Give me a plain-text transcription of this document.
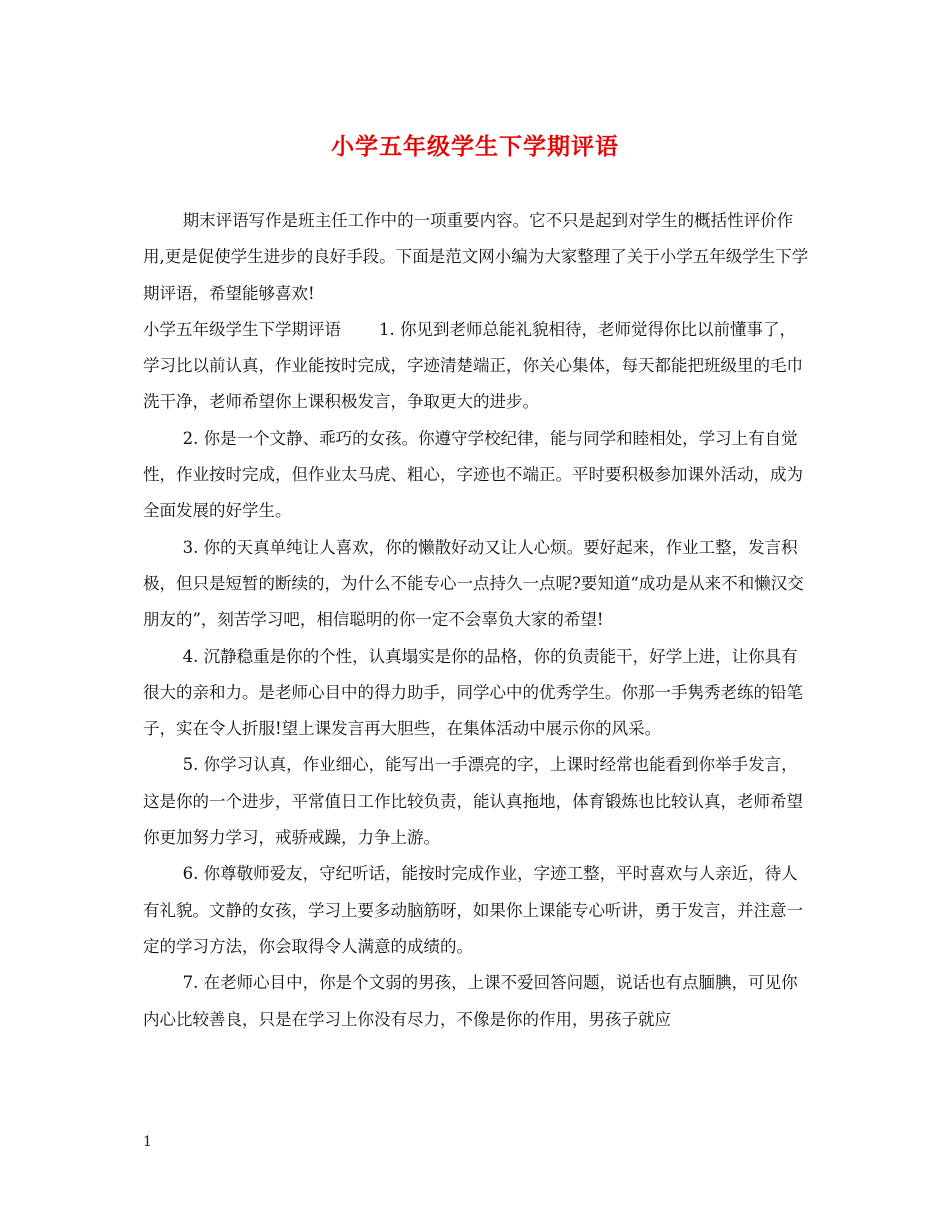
小学五年级学生下学期评语

期末评语写作是班主任工作中的一项重要内容。它不只是起到对学生的概括性评价作用,更是促使学生进步的良好手段。下面是范文网小编为大家整理了关于小学五年级学生下学期评语，希望能够喜欢!

小学五年级学生下学期评语 1. 你见到老师总能礼貌相待，老师觉得你比以前懂事了，学习比以前认真，作业能按时完成，字迹清楚端正，你关心集体，每天都能把班级里的毛巾洗干净，老师希望你上课积极发言，争取更大的进步。

2. 你是一个文静、乖巧的女孩。你遵守学校纪律，能与同学和睦相处，学习上有自觉性，作业按时完成，但作业太马虎、粗心，字迹也不端正。平时要积极参加课外活动，成为全面发展的好学生。

3. 你的天真单纯让人喜欢，你的懒散好动又让人心烦。要好起来，作业工整，发言积极，但只是短暂的断续的，为什么不能专心一点持久一点呢?要知道“成功是从来不和懒汉交朋友的”，刻苦学习吧，相信聪明的你一定不会辜负大家的希望!

4. 沉静稳重是你的个性，认真塌实是你的品格，你的负责能干，好学上进，让你具有很大的亲和力。是老师心目中的得力助手，同学心中的优秀学生。你那一手隽秀老练的铅笔子，实在令人折服!望上课发言再大胆些，在集体活动中展示你的风采。

5. 你学习认真，作业细心，能写出一手漂亮的字，上课时经常也能看到你举手发言，这是你的一个进步，平常值日工作比较负责，能认真拖地，体育锻炼也比较认真，老师希望你更加努力学习，戒骄戒躁，力争上游。

6. 你尊敬师爱友，守纪听话，能按时完成作业，字迹工整，平时喜欢与人亲近，待人有礼貌。文静的女孩，学习上要多动脑筋呀，如果你上课能专心听讲，勇于发言，并注意一定的学习方法，你会取得令人满意的成绩的。

7. 在老师心目中，你是个文弱的男孩，上课不爱回答问题，说话也有点腼腆，可见你内心比较善良，只是在学习上你没有尽力，不像是你的作用，男孩子就应

1
